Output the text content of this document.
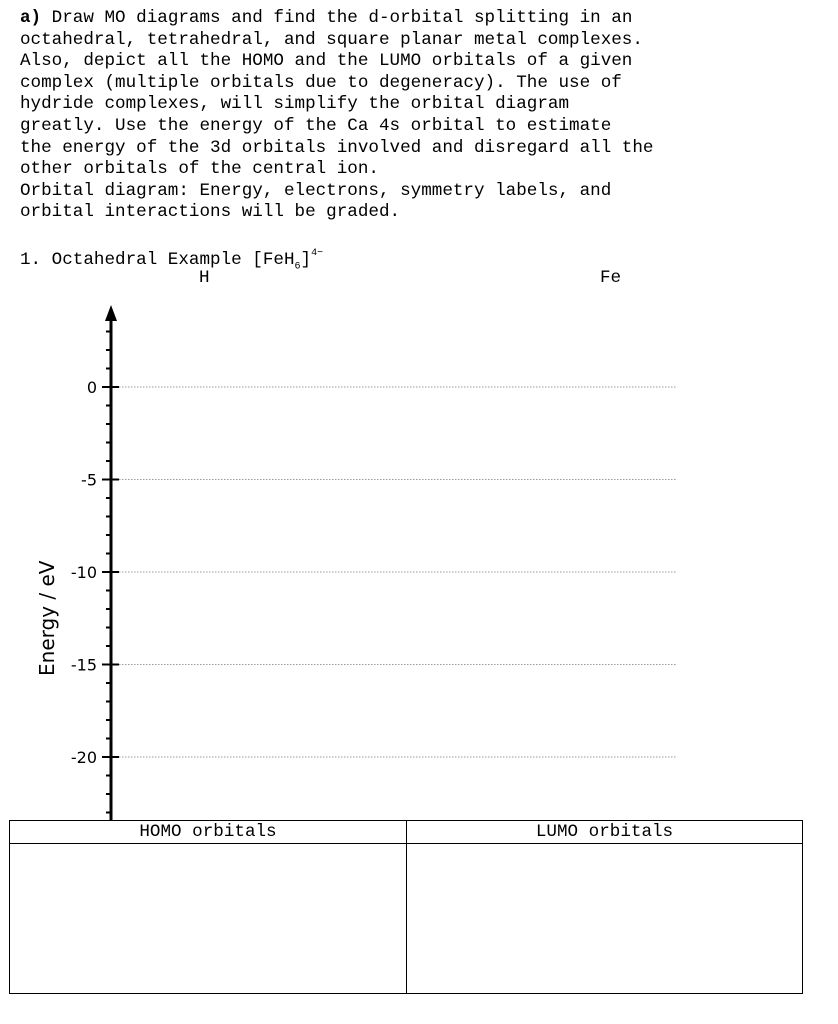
a) Draw MO diagrams and find the d-orbital splitting in an
octahedral, tetrahedral, and square planar metal complexes.
Also, depict all the HOMO and the LUMO orbitals of a given
complex (multiple orbitals due to degeneracy). The use of
hydride complexes, will simplify the orbital diagram
greatly. Use the energy of the Ca 4s orbital to estimate
the energy of the 3d orbitals involved and disregard all the
other orbitals of the central ion.
Orbital diagram: Energy, electrons, symmetry labels, and
orbital interactions will be graded.
1. Octahedral Example $[FeH_6]^{4-}$
H	Fe
0
-5
-10
-15
-20
Energy / eV
HOMO orbitals	LUMO orbitals
